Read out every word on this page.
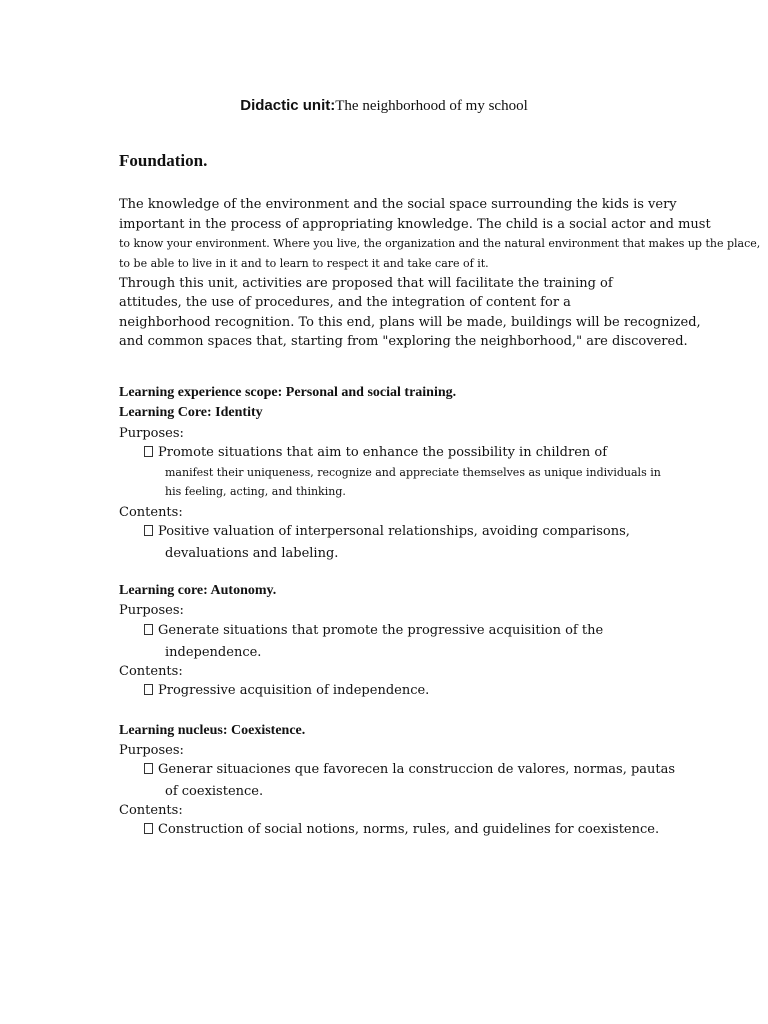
Didactic unit:The neighborhood of my school
Foundation.
The knowledge of the environment and the social space surrounding the kids is very
important in the process of appropriating knowledge. The child is a social actor and must
to know your environment. Where you live, the organization and the natural environment that makes up the place,
to be able to live in it and to learn to respect it and take care of it.
Through this unit, activities are proposed that will facilitate the training of
attitudes, the use of procedures, and the integration of content for a
neighborhood recognition. To this end, plans will be made, buildings will be recognized,
and common spaces that, starting from "exploring the neighborhood," are discovered.
Learning experience scope: Personal and social training.
Learning Core: Identity
Purposes:
Promote situations that aim to enhance the possibility in children of
manifest their uniqueness, recognize and appreciate themselves as unique individuals in
his feeling, acting, and thinking.
Contents:
Positive valuation of interpersonal relationships, avoiding comparisons,
devaluations and labeling.
Learning core: Autonomy.
Purposes:
Generate situations that promote the progressive acquisition of the
independence.
Contents:
Progressive acquisition of independence.
Learning nucleus: Coexistence.
Purposes:
Generar situaciones que favorecen la construccion de valores, normas, pautas
of coexistence.
Contents:
Construction of social notions, norms, rules, and guidelines for coexistence.
